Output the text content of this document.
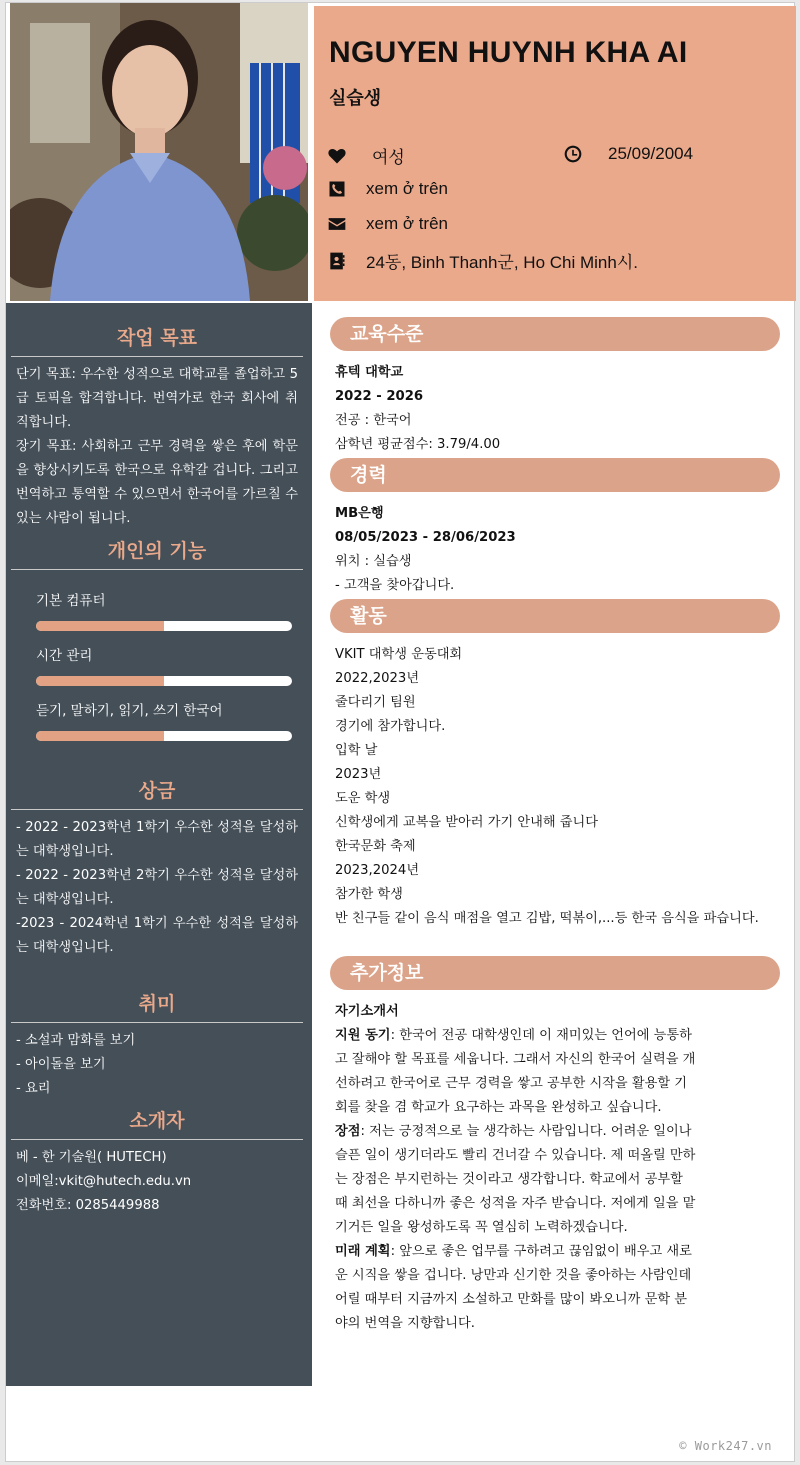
NGUYEN HUYNH KHA AI
실습생
여성	25/09/2004
xem ở trên
xem ở trên
24동, Binh Thanh군, Ho Chi Minh시.
작업 목표
단기 목표: 우수한 성적으로 대학교를 졸업하고 5급 토픽을 합격합니다. 번역가로 한국 회사에 취직합니다.
장기 목표: 사회하고 근무 경력을 쌓은 후에 학문을 향상시키도록 한국으로 유학갈 겁니다. 그리고 번역하고 통역할 수 있으면서 한국어를 가르칠 수 있는 사람이 됩니다.
개인의 기능
기본 컴퓨터
시간 관리
듣기, 말하기, 읽기, 쓰기 한국어
상금
- 2022 - 2023학년 1학기 우수한 성적을 달성하는 대학생입니다.
- 2022 - 2023학년 2학기 우수한 성적을 달성하는 대학생입니다.
-2023 - 2024학년 1학기 우수한 성적을 달성하는 대학생입니다.
취미
- 소설과 맘화를 보기
- 아이돌을 보기
- 요리
소개자
베 - 한 기술원( HUTECH)
이메일:vkit@hutech.edu.vn
전화번호: 0285449988
교육수준
휴텍 대학교
2022 - 2026
전공 : 한국어
삼학년 평균점수: 3.79/4.00
경력
MB은행
08/05/2023 - 28/06/2023
위치 : 실습생
- 고객을 찾아갑니다.
활동
VKIT 대학생 운동대회
2022,2023년
줄다리기 팀원
경기에 참가합니다.
입학 날
2023년
도운 학생
신학생에게 교복을 받아러 가기 안내해 줍니다
한국문화 축제
2023,2024년
참가한 학생
반 친구들 같이 음식 매점을 열고 김밥, 떡볶이,...등 한국 음식을 파습니다.
추가정보
자기소개서
지원 동기: 한국어 전공 대학생인데 이 재미있는 언어에 능통하고 잘해야 할 목표를 세웁니다. 그래서 자신의 한국어 실력을 개선하려고 한국어로 근무 경력을 쌓고 공부한 시작을 활용할 기회를 찾을 겸 학교가 요구하는 과목을 완성하고 싶습니다.
장점: 저는 긍정적으로 늘 생각하는 사람입니다. 어려운 일이나 슬픈 일이 생기더라도 빨리 건너갈 수 있습니다. 제 떠올릴 만하는 장점은 부지런하는 것이라고 생각합니다. 학교에서 공부할 때 최선을 다하니까 좋은 성적을 자주 받습니다. 저에게 일을 맡기거든 일을 왕성하도록 꼭 열심히 노력하겠습니다.
미래 계획: 앞으로 좋은 업무를 구하려고 끊임없이 배우고 새로운 시직을 쌓을 겁니다. 낭만과 신기한 것을 좋아하는 사람인데 어릴 때부터 지금까지 소설하고 만화를 많이 봐오니까 문학 분야의 번역을 지향합니다.
© Work247.vn
